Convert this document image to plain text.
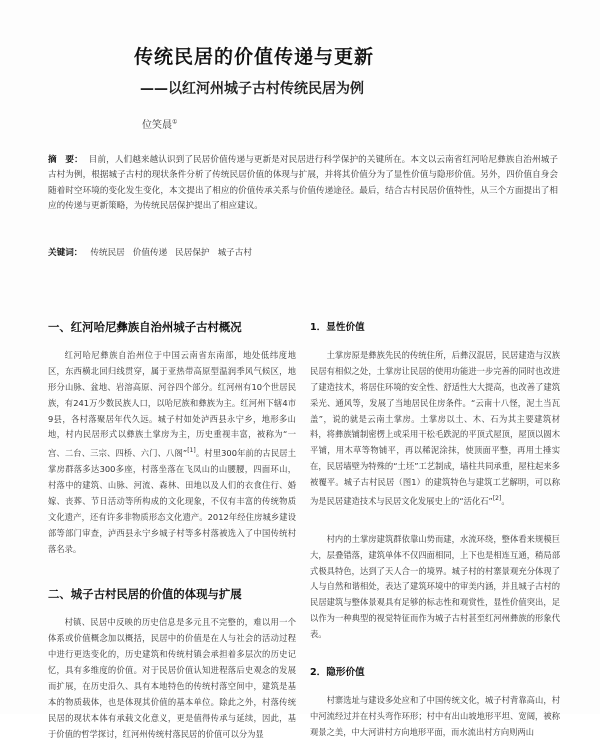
传统民居的价值传递与更新
——以红河州城子古村传统民居为例
位笑晨①
摘　要： 目前，人们越来越认识到了民居价值传递与更新是对民居进行科学保护的关键所在。本文以云南省红河哈尼彝族自治州城子古村为例，根据城子古村的现状条件分析了传统民居价值的体现与扩展，并将其价值分为了显性价值与隐形价值。另外，四价值自身会随着时空环境的变化发生变化，本文提出了相应的价值传承关系与价值传递途径。最后，结合古村民居价值特性，从三个方面提出了相应的传递与更新策略，为传统民居保护提出了相应建议。
关键词： 传统民居 价值传递 民居保护 城子古村
一、红河哈尼彝族自治州城子古村概况
红河哈尼彝族自治州位于中国云南省东南部，地处低纬度地区，东西横北回归线贯穿，属于亚热带高原型温润季风气候区，地形分山脉、盆地、岩溶高原、河谷四个部分。红河州有10个世居民族，有241万少数民族人口，以哈尼族和彝族为主。红河州下辖4市9县，各村落聚居年代久远。城子村如处泸西县永宁乡，地形多山地，村内民居形式以彝族土掌房为主，历史重视丰富，被称为“一宫、二台、三宗、四桥、六门、八阁”[1]。村里300年前的古民居土掌房群落多达300多座，村落坐落在飞凤山的山腰腰，四面环山，村落中的建筑、山脉、河流、森林、田地以及人们的衣食住行、婚嫁、丧葬、节日活动等所构成的文化现象，不仅有丰富的传统物质文化遗产，还有许多非物质形态文化遗产。2012年经住房城乡建设部等部门审查，泸西县永宁乡城子村等多村落被选入了中国传统村落名录。
二、城子古村民居的价值的体现与扩展
村镇、民居中反映的历史信息是多元且不完整的，难以用一个体系或价值概念加以概括，民居中的价值是在人与社会的活动过程中进行更迭变化的，历史建筑和传统村镇会承担着多层次的历史记忆，具有多维度的价值。对于民居价值认知进程落后史观念的发展而扩展，在历史沿久、具有本地特色的传统村落空间中，建筑是基本的物质载体，也是体现其价值的基本单位。除此之外，村落传统民居的现状本体有承载文化意义，更是值得传承与延续，因此，基于价值的哲学探讨，红河州传统村落民居的价值可以分为显
1．显性价值
土掌房原是彝族先民的传统住所，后彝汉混居，民居建造与汉族民居有相似之处，土掌房让民居的使用功能进一步完善的同时也改进了建造技术，将居住环境的安全性、舒适性大大提高，也改善了建筑采光、通风等，发展了当地居民住房条件。“云南十八怪，泥土当瓦盖”，说的就是云南土掌房。土掌房以土、木、石为其主要建筑材料，将彝族铺制密楞上或采用干松毛跌泥的平顶式屋顶，屋顶以圆木平铺，用木草等物铺平，再以稀泥涂抹，使顶面平整，再用土捶实在，民居墙壁为特殊的“土坯”工艺制成，墙柱共同承重，屋柱起来多被覆平。城子古村民居（图1）的建筑特色与建筑工艺解明，可以称为是民居建造技术与民居文化发展史上的“活化石”[2]。
村内的土掌房建筑群依靠山势而建，水流环绕，整体看来规模巨大，层叠错落，建筑单体不仅四面相同，上下也是相连互通，稍局部式极具特色，达到了天人合一的境界。城子村的村寨景观充分体现了人与自然和谐相处，表达了建筑环境中的审美内涵，并且城子古村的民居建筑与整体景观具有足够的标志性和观赏性，显性价值突出，足以作为一种典型的视觉特征而作为城子古村甚至红河州彝族的形象代表。
2．隐形价值
村寨选址与建设多处应和了中国传统文化，城子村背靠高山，村中河流经过并在村头弯作环形；村中有出山坡地形平坦、宽阔，被称观景之美，中大河讲村方向地形平面，而水流出村方向则两山
